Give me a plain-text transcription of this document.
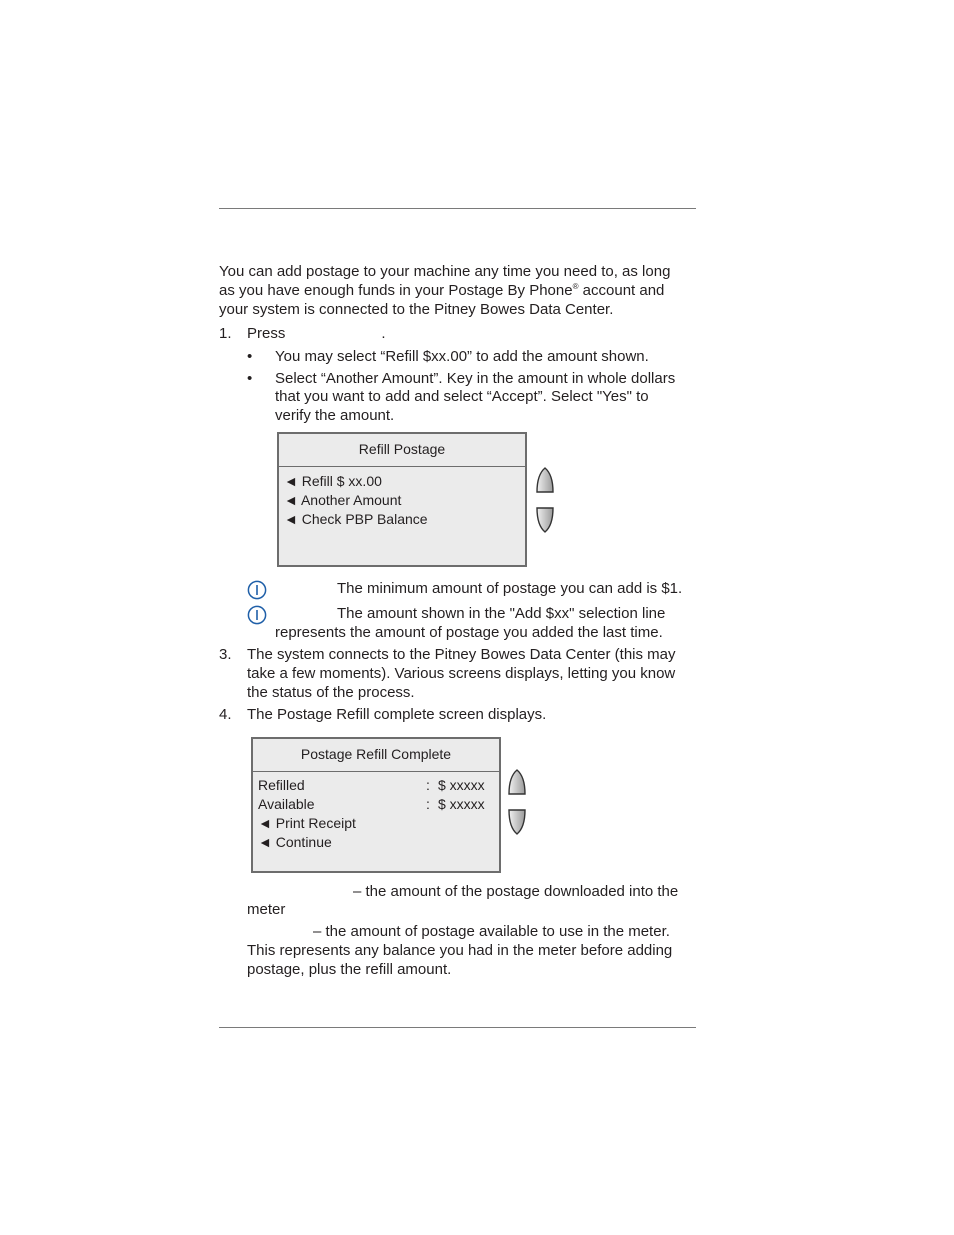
You can add postage to your machine any time you need to, as long
as you have enough funds in your Postage By Phone® account and
your system is connected to the Pitney Bowes Data Center.
1. Press	.
• You may select “Refill $xx.00” to add the amount shown.
• Select “Another Amount”. Key in the amount in whole dollars
that you want to add and select “Accept”. Select "Yes" to
verify the amount.
Refill Postage
◄ Refill $ xx.00
◄ Another Amount
◄ Check PBP Balance
The minimum amount of postage you can add is $1.
The amount shown in the "Add $xx" selection line
represents the amount of postage you added the last time.
3. The system connects to the Pitney Bowes Data Center (this may
take a few moments). Various screens displays, letting you know
the status of the process.
4. The Postage Refill complete screen displays.
Postage Refill Complete
Refilled	: $ xxxxx
Available	: $ xxxxx
◄ Print Receipt
◄ Continue
– the amount of the postage downloaded into the
meter
– the amount of postage available to use in the meter.
This represents any balance you had in the meter before adding
postage, plus the refill amount.
